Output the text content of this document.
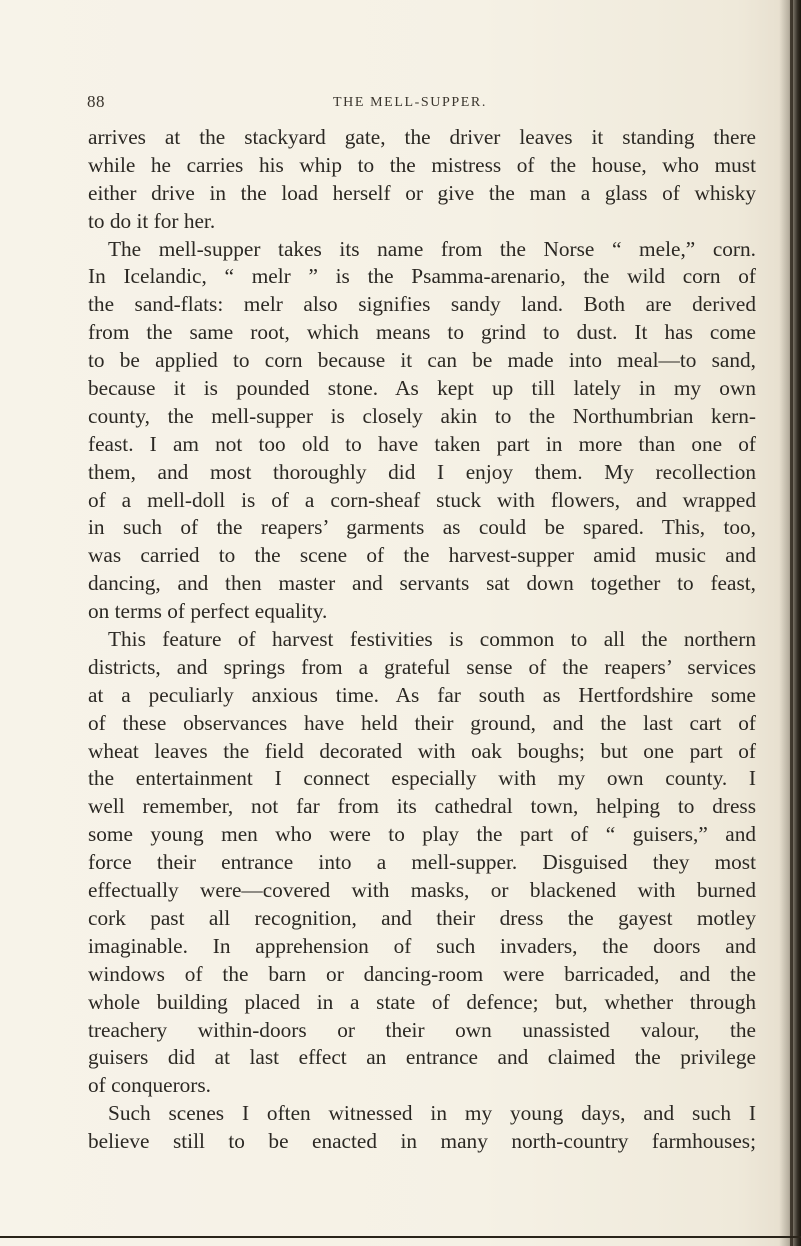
88	THE MELL-SUPPER.
arrives at the stackyard gate, the driver leaves it standing there
while he carries his whip to the mistress of the house, who must
either drive in the load herself or give the man a glass of whisky
to do it for her.
The mell-supper takes its name from the Norse “ mele,” corn.
In Icelandic, “ melr ” is the Psamma-arenario, the wild corn of
the sand-flats: melr also signifies sandy land. Both are derived
from the same root, which means to grind to dust. It has come
to be applied to corn because it can be made into meal—to sand,
because it is pounded stone. As kept up till lately in my own
county, the mell-supper is closely akin to the Northumbrian kern-
feast. I am not too old to have taken part in more than one of
them, and most thoroughly did I enjoy them. My recollection
of a mell-doll is of a corn-sheaf stuck with flowers, and wrapped
in such of the reapers’ garments as could be spared. This, too,
was carried to the scene of the harvest-supper amid music and
dancing, and then master and servants sat down together to feast,
on terms of perfect equality.
This feature of harvest festivities is common to all the northern
districts, and springs from a grateful sense of the reapers’ services
at a peculiarly anxious time. As far south as Hertfordshire some
of these observances have held their ground, and the last cart of
wheat leaves the field decorated with oak boughs; but one part of
the entertainment I connect especially with my own county. I
well remember, not far from its cathedral town, helping to dress
some young men who were to play the part of “ guisers,” and
force their entrance into a mell-supper. Disguised they most
effectually were—covered with masks, or blackened with burned
cork past all recognition, and their dress the gayest motley
imaginable. In apprehension of such invaders, the doors and
windows of the barn or dancing-room were barricaded, and the
whole building placed in a state of defence; but, whether through
treachery within-doors or their own unassisted valour, the
guisers did at last effect an entrance and claimed the privilege
of conquerors.
Such scenes I often witnessed in my young days, and such I
believe still to be enacted in many north-country farmhouses;
